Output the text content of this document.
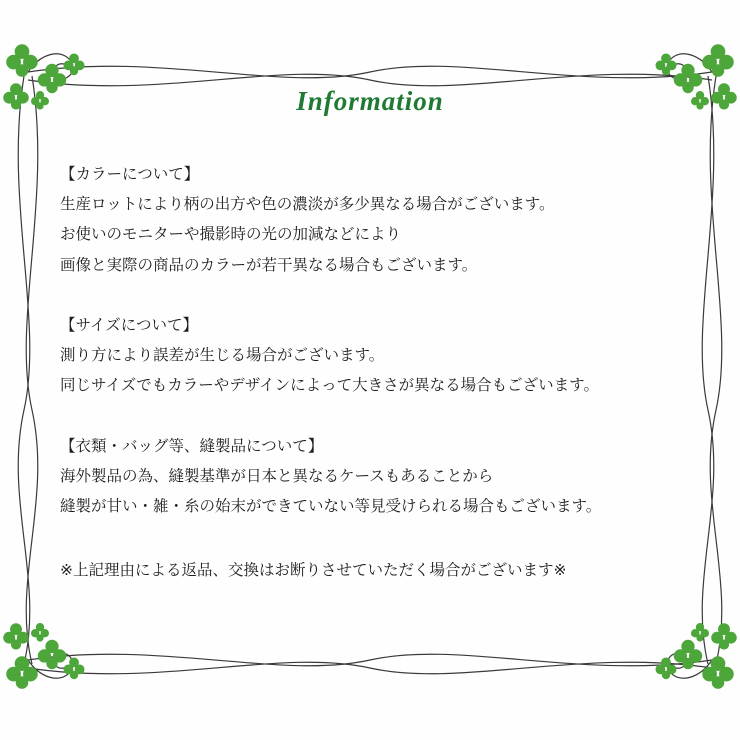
Information

【カラーについて】

生産ロットにより柄の出方や色の濃淡が多少異なる場合がございます。

お使いのモニターや撮影時の光の加減などにより

画像と実際の商品のカラーが若干異なる場合もございます。

【サイズについて】

測り方により誤差が生じる場合がございます。

同じサイズでもカラーやデザインによって大きさが異なる場合もございます。

【衣類・バッグ等、縫製品について】

海外製品の為、縫製基準が日本と異なるケースもあることから

縫製が甘い・雑・糸の始末ができていない等見受けられる場合もございます。

※上記理由による返品、交換はお断りさせていただく場合がございます※
